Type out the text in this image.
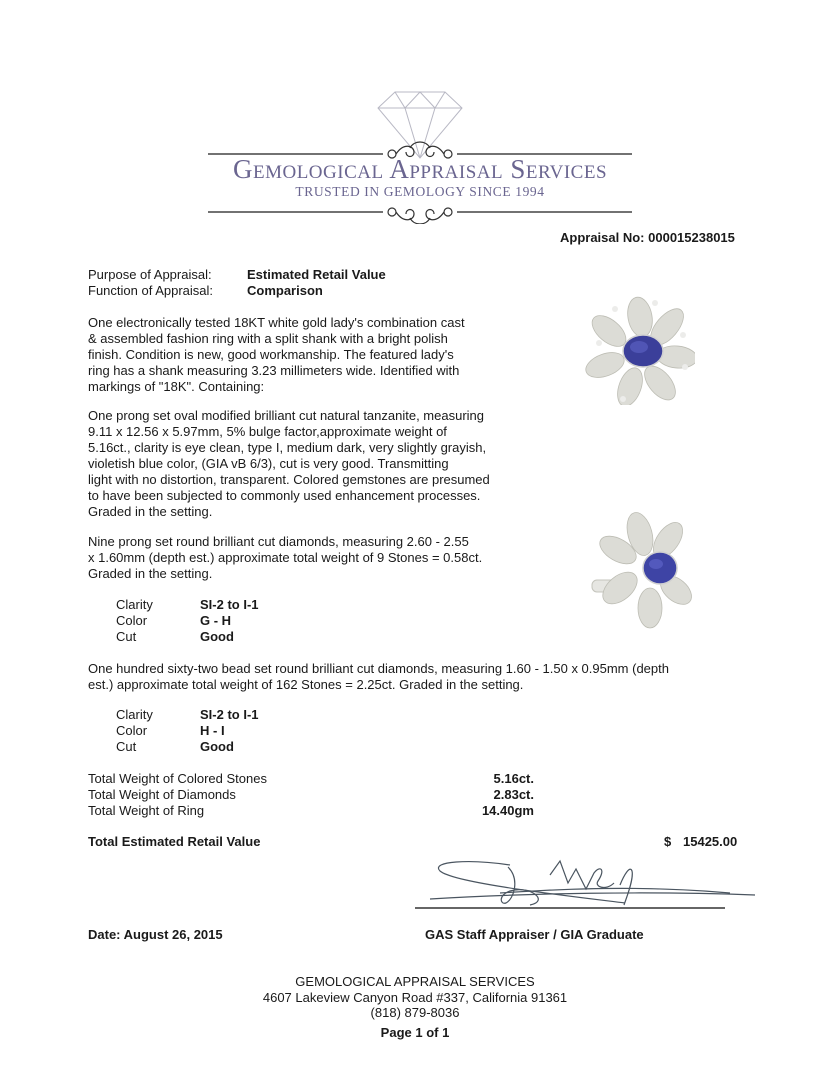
Gemological Appraisal Services
TRUSTED IN GEMOLOGY SINCE 1994
Appraisal No: 000015238015
Purpose of Appraisal:	Estimated Retail Value
Function of Appraisal:	Comparison
One electronically tested 18KT white gold lady's combination cast
& assembled fashion ring with a split shank with a bright polish
finish. Condition is new, good workmanship. The featured lady's
ring has a shank measuring 3.23 millimeters wide. Identified with
markings of "18K". Containing:
One prong set oval modified brilliant cut natural tanzanite, measuring
9.11 x 12.56 x 5.97mm, 5% bulge factor,approximate weight of
5.16ct., clarity is eye clean, type I, medium dark, very slightly grayish,
violetish blue color, (GIA vB 6/3), cut is very good. Transmitting
light with no distortion, transparent. Colored gemstones are presumed
to have been subjected to commonly used enhancement processes.
Graded in the setting.
Nine prong set round brilliant cut diamonds, measuring 2.60 - 2.55
x 1.60mm (depth est.) approximate total weight of 9 Stones = 0.58ct.
Graded in the setting.
Clarity	SI-2 to I-1
Color	G - H
Cut	Good
One hundred sixty-two bead set round brilliant cut diamonds, measuring 1.60 - 1.50 x 0.95mm (depth
est.) approximate total weight of 162 Stones = 2.25ct. Graded in the setting.
Clarity	SI-2 to I-1
Color	H - I
Cut	Good
Total Weight of Colored Stones	5.16ct.
Total Weight of Diamonds	2.83ct.
Total Weight of Ring	14.40gm
Total Estimated Retail Value	$ 15425.00
Date: August 26, 2015	GAS Staff Appraiser / GIA Graduate
GEMOLOGICAL APPRAISAL SERVICES
4607 Lakeview Canyon Road #337, California 91361
(818) 879-8036
Page 1 of 1
